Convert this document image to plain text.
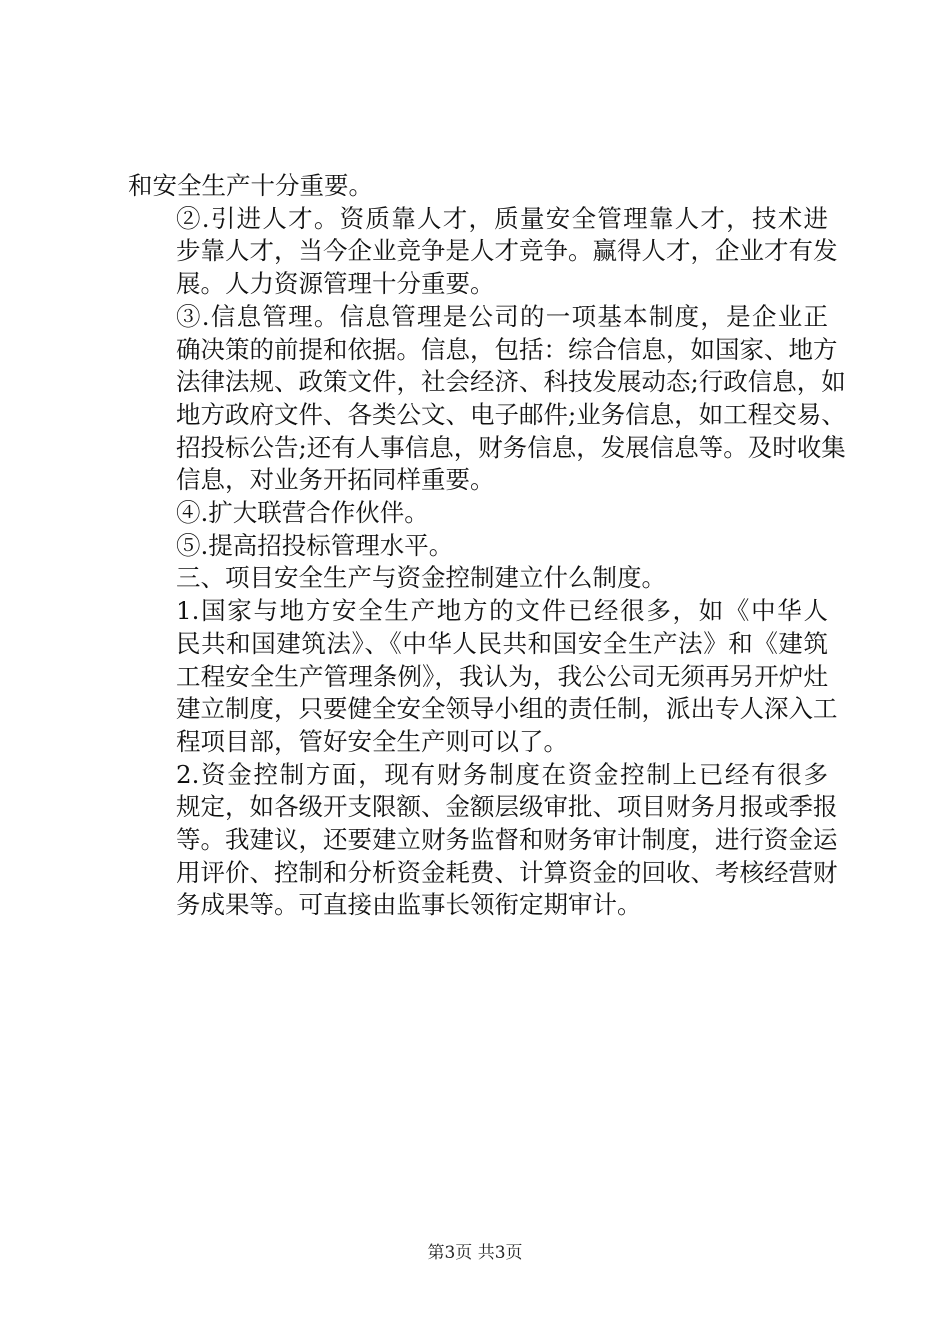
和安全生产十分重要。

②.引进人才。资质靠人才，质量安全管理靠人才，技术进
步靠人才，当今企业竞争是人才竞争。赢得人才，企业才有发
展。人力资源管理十分重要。

③.信息管理。信息管理是公司的一项基本制度，是企业正
确决策的前提和依据。信息，包括：综合信息，如国家、地方
法律法规、政策文件，社会经济、科技发展动态;行政信息，如
地方政府文件、各类公文、电子邮件;业务信息，如工程交易、
招投标公告;还有人事信息，财务信息，发展信息等。及时收集
信息，对业务开拓同样重要。

④.扩大联营合作伙伴。

⑤.提高招投标管理水平。

三、项目安全生产与资金控制建立什么制度。

1.国家与地方安全生产地方的文件已经很多，如《中华人
民共和国建筑法》、《中华人民共和国安全生产法》和《建筑
工程安全生产管理条例》，我认为，我公公司无须再另开炉灶
建立制度，只要健全安全领导小组的责任制，派出专人深入工
程项目部，管好安全生产则可以了。

2.资金控制方面，现有财务制度在资金控制上已经有很多
规定，如各级开支限额、金额层级审批、项目财务月报或季报
等。我建议，还要建立财务监督和财务审计制度，进行资金运
用评价、控制和分析资金耗费、计算资金的回收、考核经营财
务成果等。可直接由监事长领衔定期审计。

第3页 共3页
